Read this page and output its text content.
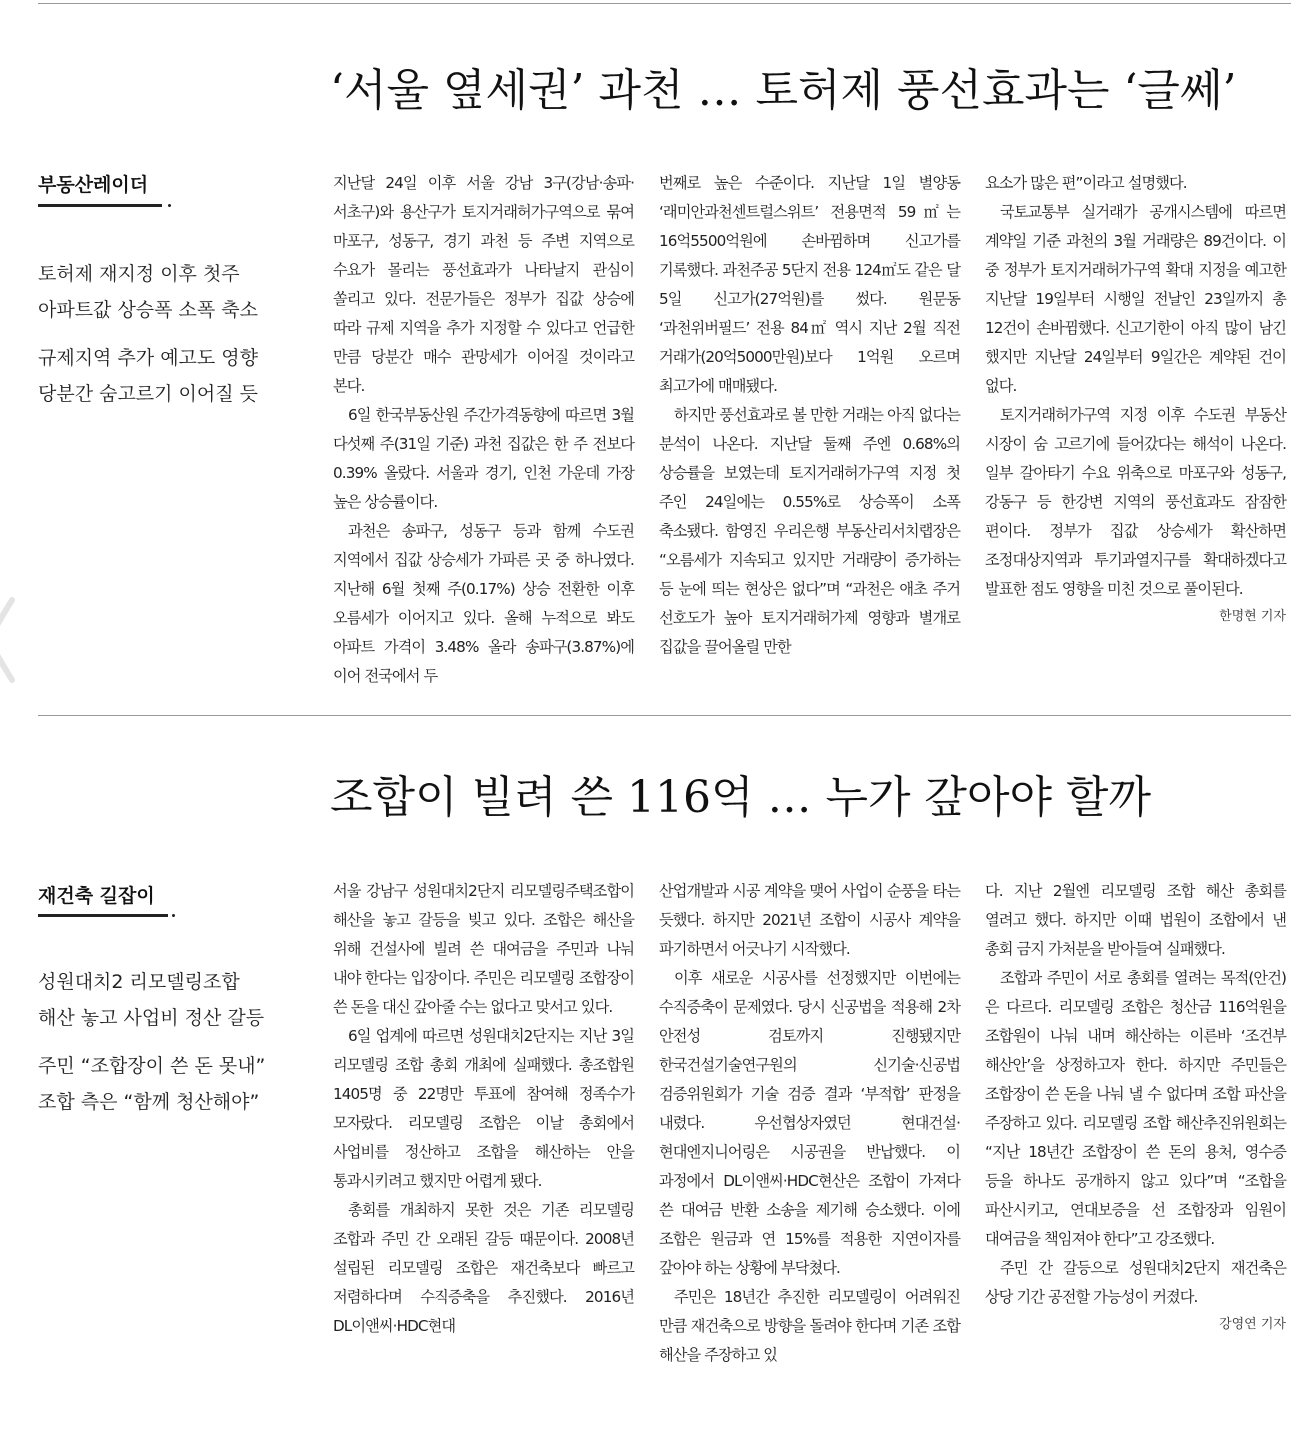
‘서울 옆세권’ 과천 … 토허제 풍선효과는 ‘글쎄’
부동산레이더
토허제 재지정 이후 첫주
아파트값 상승폭 소폭 축소
규제지역 추가 예고도 영향
당분간 숨고르기 이어질 듯

지난달 24일 이후 서울 강남 3구(강남·송파·서초구)와 용산구가 토지거래허가구역으로 묶여 마포구, 성동구, 경기 과천 등 주변 지역으로 수요가 몰리는 풍선효과가 나타날지 관심이 쏠리고 있다. 전문가들은 정부가 집값 상승에 따라 규제 지역을 추가 지정할 수 있다고 언급한 만큼 당분간 매수 관망세가 이어질 것이라고 본다.

6일 한국부동산원 주간가격동향에 따르면 3월 다섯째 주(31일 기준) 과천 집값은 한 주 전보다 0.39% 올랐다. 서울과 경기, 인천 가운데 가장 높은 상승률이다.

과천은 송파구, 성동구 등과 함께 수도권 지역에서 집값 상승세가 가파른 곳 중 하나였다. 지난해 6월 첫째 주(0.17%) 상승 전환한 이후 오름세가 이어지고 있다. 올해 누적으로 봐도 아파트 가격이 3.48% 올라 송파구(3.87%)에 이어 전국에서 두

번째로 높은 수준이다. 지난달 1일 별양동 ‘래미안과천센트럴스위트’ 전용면적 59㎡는 16억5500억원에 손바뀜하며 신고가를 기록했다. 과천주공 5단지 전용 124㎡도 같은 달 5일 신고가(27억원)를 썼다. 원문동 ‘과천위버필드’ 전용 84㎡ 역시 지난 2월 직전 거래가(20억5000만원)보다 1억원 오르며 최고가에 매매됐다.

하지만 풍선효과로 볼 만한 거래는 아직 없다는 분석이 나온다. 지난달 둘째 주엔 0.68%의 상승률을 보였는데 토지거래허가구역 지정 첫 주인 24일에는 0.55%로 상승폭이 소폭 축소됐다. 함영진 우리은행 부동산리서치랩장은 “오름세가 지속되고 있지만 거래량이 증가하는 등 눈에 띄는 현상은 없다”며 “과천은 애초 주거 선호도가 높아 토지거래허가제 영향과 별개로 집값을 끌어올릴 만한

요소가 많은 편”이라고 설명했다.

국토교통부 실거래가 공개시스템에 따르면 계약일 기준 과천의 3월 거래량은 89건이다. 이 중 정부가 토지거래허가구역 확대 지정을 예고한 지난달 19일부터 시행일 전날인 23일까지 총 12건이 손바뀜했다. 신고기한이 아직 많이 남긴 했지만 지난달 24일부터 9일간은 계약된 건이 없다.

토지거래허가구역 지정 이후 수도권 부동산 시장이 숨 고르기에 들어갔다는 해석이 나온다. 일부 갈아타기 수요 위축으로 마포구와 성동구, 강동구 등 한강변 지역의 풍선효과도 잠잠한 편이다. 정부가 집값 상승세가 확산하면 조정대상지역과 투기과열지구를 확대하겠다고 발표한 점도 영향을 미친 것으로 풀이된다.

한명현 기자
조합이 빌려 쓴 116억 … 누가 갚아야 할까
재건축 길잡이
성원대치2 리모델링조합
해산 놓고 사업비 정산 갈등
주민 “조합장이 쓴 돈 못내”
조합 측은 “함께 청산해야”

서울 강남구 성원대치2단지 리모델링주택조합이 해산을 놓고 갈등을 빚고 있다. 조합은 해산을 위해 건설사에 빌려 쓴 대여금을 주민과 나눠 내야 한다는 입장이다. 주민은 리모델링 조합장이 쓴 돈을 대신 갚아줄 수는 없다고 맞서고 있다.

6일 업계에 따르면 성원대치2단지는 지난 3일 리모델링 조합 총회 개최에 실패했다. 총조합원 1405명 중 22명만 투표에 참여해 정족수가 모자랐다. 리모델링 조합은 이날 총회에서 사업비를 정산하고 조합을 해산하는 안을 통과시키려고 했지만 어렵게 됐다.

총회를 개최하지 못한 것은 기존 리모델링 조합과 주민 간 오래된 갈등 때문이다. 2008년 설립된 리모델링 조합은 재건축보다 빠르고 저렴하다며 수직증축을 추진했다. 2016년 DL이앤씨·HDC현대

산업개발과 시공 계약을 맺어 사업이 순풍을 타는 듯했다. 하지만 2021년 조합이 시공사 계약을 파기하면서 어긋나기 시작했다.

이후 새로운 시공사를 선정했지만 이번에는 수직증축이 문제였다. 당시 신공법을 적용해 2차 안전성 검토까지 진행됐지만 한국건설기술연구원의 신기술·신공법 검증위원회가 기술 검증 결과 ‘부적합’ 판정을 내렸다. 우선협상자였던 현대건설·현대엔지니어링은 시공권을 반납했다. 이 과정에서 DL이앤씨·HDC현산은 조합이 가져다 쓴 대여금 반환 소송을 제기해 승소했다. 이에 조합은 원금과 연 15%를 적용한 지연이자를 갚아야 하는 상황에 부닥쳤다.

주민은 18년간 추진한 리모델링이 어려워진 만큼 재건축으로 방향을 돌려야 한다며 기존 조합 해산을 주장하고 있

다. 지난 2월엔 리모델링 조합 해산 총회를 열려고 했다. 하지만 이때 법원이 조합에서 낸 총회 금지 가처분을 받아들여 실패했다.

조합과 주민이 서로 총회를 열려는 목적(안건)은 다르다. 리모델링 조합은 청산금 116억원을 조합원이 나눠 내며 해산하는 이른바 ‘조건부 해산안’을 상정하고자 한다. 하지만 주민들은 조합장이 쓴 돈을 나눠 낼 수 없다며 조합 파산을 주장하고 있다. 리모델링 조합 해산추진위원회는 “지난 18년간 조합장이 쓴 돈의 용처, 영수증 등을 하나도 공개하지 않고 있다”며 “조합을 파산시키고, 연대보증을 선 조합장과 임원이 대여금을 책임져야 한다”고 강조했다.

주민 간 갈등으로 성원대치2단지 재건축은 상당 기간 공전할 가능성이 커졌다.

강영연 기자
